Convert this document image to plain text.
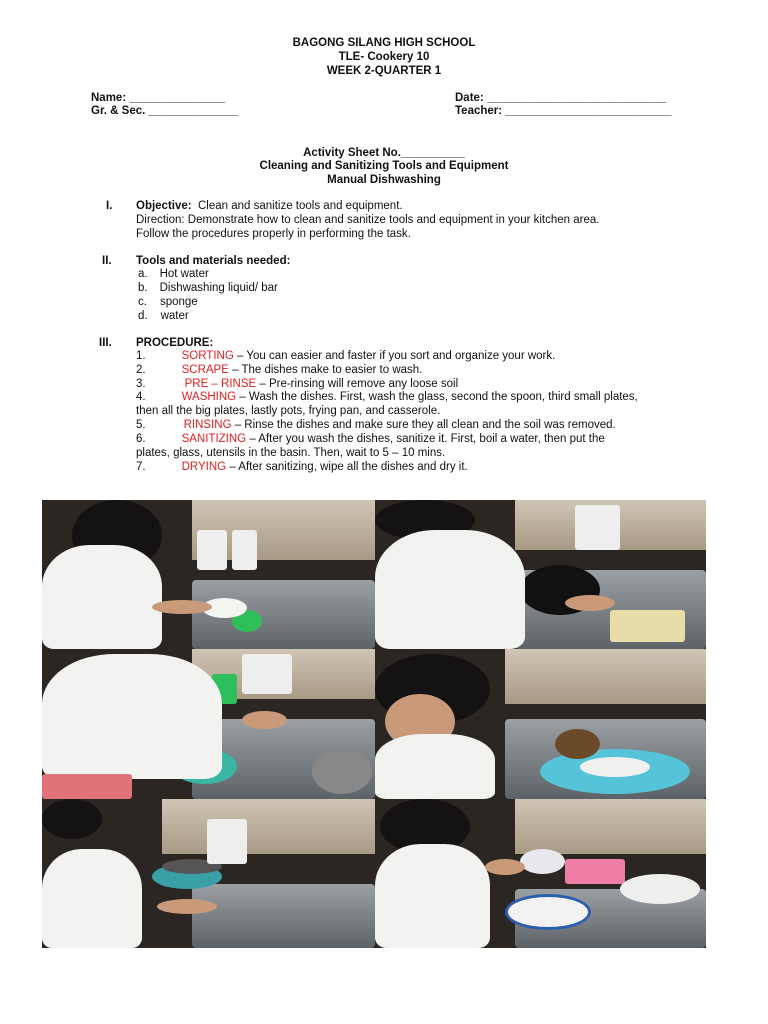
BAGONG SILANG HIGH SCHOOL
TLE- Cookery 10
WEEK 2-QUARTER 1
Name: _______________
Gr. & Sec. ______________
Date: ____________________________
Teacher: __________________________
Activity Sheet No.__________
Cleaning and Sanitizing Tools and Equipment
Manual Dishwashing
I. Objective: Clean and sanitize tools and equipment.
Direction: Demonstrate how to clean and sanitize tools and equipment in your kitchen area.
Follow the procedures properly in performing the task.
II. Tools and materials needed:
a. Hot water
b. Dishwashing liquid/ bar
c. sponge
d. water
III. PROCEDURE:
1.	SORTING – You can easier and faster if you sort and organize your work.
2.	SCRAPE – The dishes make to easier to wash.
3.	PRE – RINSE – Pre-rinsing will remove any loose soil
4.	WASHING – Wash the dishes. First, wash the glass, second the spoon, third small plates,
then all the big plates, lastly pots, frying pan, and casserole.
5.	RINSING – Rinse the dishes and make sure they all clean and the soil was removed.
6.	SANITIZING – After you wash the dishes, sanitize it. First, boil a water, then put the
plates, glass, utensils in the basin. Then, wait to 5 – 10 mins.
7.	DRYING – After sanitizing, wipe all the dishes and dry it.
